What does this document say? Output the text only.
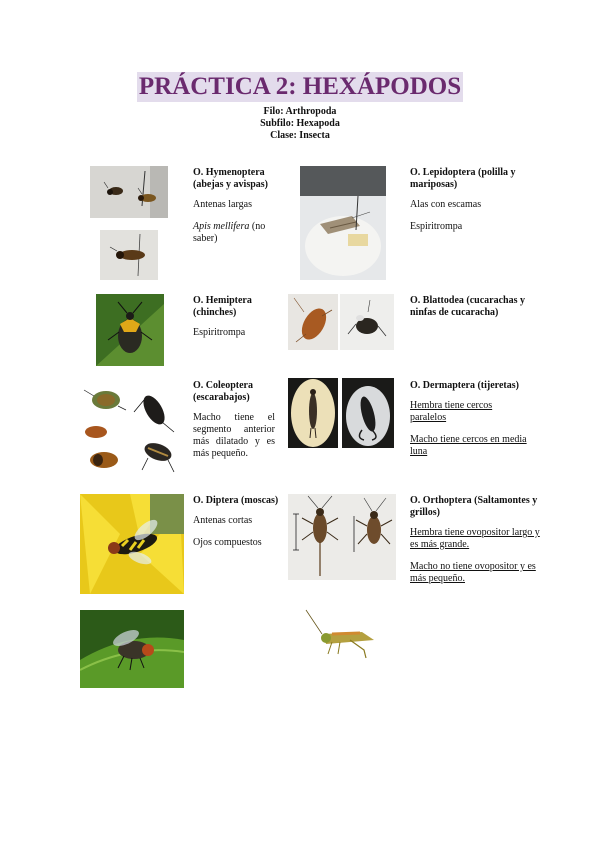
PRÁCTICA 2: HEXÁPODOS
Filo: Arthropoda
Subfilo: Hexapoda
Clase: Insecta

O. Hymenoptera (abejas y avispas)

Antenas largas

Apis mellifera (no saber)

O. Lepidoptera (polilla y mariposas)

Alas con escamas

Espiritrompa

O. Hemiptera (chinches)

Espiritrompa

O. Blattodea (cucarachas y ninfas de cucaracha)

O. Coleoptera (escarabajos)

Macho tiene el segmento anterior más dilatado y es más pequeño.

O. Dermaptera (tijeretas)

Hembra tiene cercos paralelos

Macho tiene cercos en media luna

O. Diptera (moscas)

Antenas cortas

Ojos compuestos

O. Orthoptera (Saltamontes y grillos)

Hembra tiene ovopositor largo y es más grande.

Macho no tiene ovopositor y es más pequeño.
